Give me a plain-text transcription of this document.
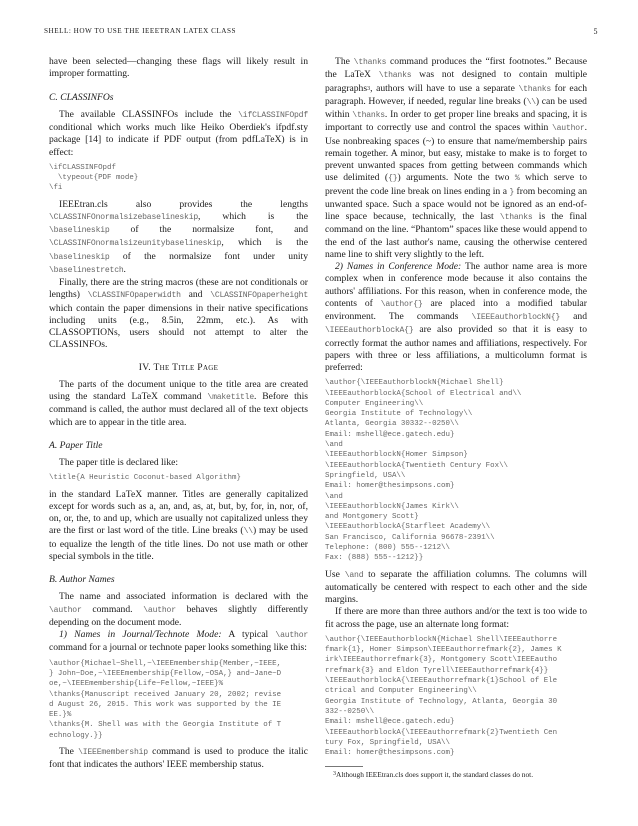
SHELL: HOW TO USE THE IEEETRAN LATEX CLASS	5

have been selected—changing these flags will likely result in improper formatting.

C. CLASSINFOs

The available CLASSINFOs include the \ifCLASSINFOpdf conditional which works much like Heiko Oberdiek's ifpdf.sty package [14] to indicate if PDF output (from pdfLaTeX) is in effect:

\ifCLASSINFOpdf
\typeout{PDF mode}
\fi

IEEEtran.cls also provides the lengths \CLASSINFOnormalsizebaselineskip, which is the \baselineskip of the normalsize font, and \CLASSINFOnormalsizeunitybaselineskip, which is the \baselineskip of the normalsize font under unity \baselinestretch.

Finally, there are the string macros (these are not conditionals or lengths) \CLASSINFOpaperwidth and \CLASSINFOpaperheight which contain the paper dimensions in their native specifications including units (e.g., 8.5in, 22mm, etc.). As with CLASSOPTIONs, users should not attempt to alter the CLASSINFOs.

IV. The Title Page

The parts of the document unique to the title area are created using the standard LaTeX command \maketitle. Before this command is called, the author must declared all of the text objects which are to appear in the title area.

A. Paper Title

The paper title is declared like:

\title{A Heuristic Coconut-based Algorithm}

in the standard LaTeX manner. Titles are generally capitalized except for words such as a, an, and, as, at, but, by, for, in, nor, of, on, or, the, to and up, which are usually not capitalized unless they are the first or last word of the title. Line breaks (\\) may be used to equalize the length of the title lines. Do not use math or other special symbols in the title.

B. Author Names

The name and associated information is declared with the \author command. \author behaves slightly differently depending on the document mode.

1) Names in Journal/Technote Mode: A typical \author command for a journal or technote paper looks something like this:

\author{Michael~Shell,~\IEEEmembership{Member,~IEEE,
} John~Doe,~\IEEEmembership{Fellow,~OSA,} and~Jane~D
oe,~\IEEEmembership{Life~Fellow,~IEEE}%
\thanks{Manuscript received January 20, 2002; revise
d August 26, 2015. This work was supported by the IE
EE.}%
\thanks{M. Shell was with the Georgia Institute of T
echnology.}}

The \IEEEmembership command is used to produce the italic font that indicates the authors' IEEE membership status.

The \thanks command produces the “first footnotes.” Because the LaTeX \thanks was not designed to contain multiple paragraphs$^3$, authors will have to use a separate \thanks for each paragraph. However, if needed, regular line breaks (\\) can be used within \thanks. In order to get proper line breaks and spacing, it is important to correctly use and control the spaces within \author. Use nonbreaking spaces (~) to ensure that name/membership pairs remain together. A minor, but easy, mistake to make is to forget to prevent unwanted spaces from getting between commands which use delimited ({}) arguments. Note the two % which serve to prevent the code line break on lines ending in a } from becoming an unwanted space. Such a space would not be ignored as an end-of-line space because, technically, the last \thanks is the final command on the line. “Phantom” spaces like these would append to the end of the last author's name, causing the otherwise centered name line to shift very slightly to the left.

2) Names in Conference Mode: The author name area is more complex when in conference mode because it also contains the authors' affiliations. For this reason, when in conference mode, the contents of \author{} are placed into a modified tabular environment. The commands \IEEEauthorblockN{} and \IEEEauthorblockA{} are also provided so that it is easy to correctly format the author names and affiliations, respectively. For papers with three or less affiliations, a multicolumn format is preferred:

\author{\IEEEauthorblockN{Michael Shell}
\IEEEauthorblockA{School of Electrical and\\
Computer Engineering\\
Georgia Institute of Technology\\
Atlanta, Georgia 30332--0250\\
Email: mshell@ece.gatech.edu}
\and
\IEEEauthorblockN{Homer Simpson}
\IEEEauthorblockA{Twentieth Century Fox\\
Springfield, USA\\
Email: homer@thesimpsons.com}
\and
\IEEEauthorblockN{James Kirk\\
and Montgomery Scott}
\IEEEauthorblockA{Starfleet Academy\\
San Francisco, California 96678-2391\\
Telephone: (800) 555--1212\\
Fax: (888) 555--1212}}

Use \and to separate the affiliation columns. The columns will automatically be centered with respect to each other and the side margins.

If there are more than three authors and/or the text is too wide to fit across the page, use an alternate long format:

\author{\IEEEauthorblockN{Michael Shell\IEEEauthorre
fmark{1}, Homer Simpson\IEEEauthorrefmark{2}, James K
irk\IEEEauthorrefmark{3}, Montgomery Scott\IEEEautho
rrefmark{3} and Eldon Tyrell\IEEEauthorrefmark{4}}
\IEEEauthorblockA{\IEEEauthorrefmark{1}School of Ele
ctrical and Computer Engineering\\
Georgia Institute of Technology, Atlanta, Georgia 30
332--0250\\
Email: mshell@ece.gatech.edu}
\IEEEauthorblockA{\IEEEauthorrefmark{2}Twentieth Cen
tury Fox, Springfield, USA\\
Email: homer@thesimpsons.com}

$^3$Although IEEEtran.cls does support it, the standard classes do not.
